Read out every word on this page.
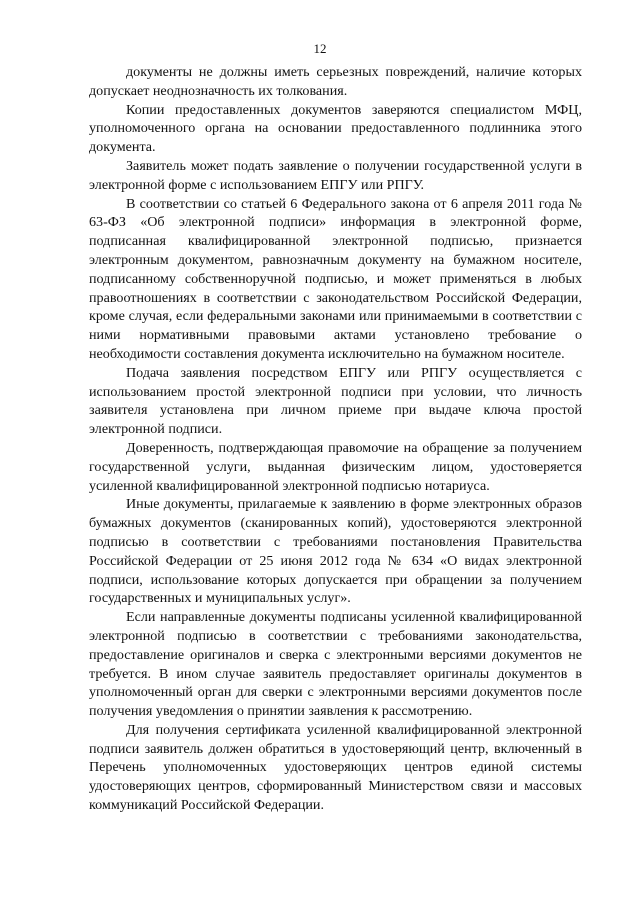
12

документы не должны иметь серьезных повреждений, наличие которых допускает неоднозначность их толкования.

Копии предоставленных документов заверяются специалистом МФЦ, уполномоченного органа на основании предоставленного подлинника этого документа.

Заявитель может подать заявление о получении государственной услуги в электронной форме с использованием ЕПГУ или РПГУ.

В соответствии со статьей 6 Федерального закона от 6 апреля 2011 года № 63-ФЗ «Об электронной подписи» информация в электронной форме, подписанная квалифицированной электронной подписью, признается электронным документом, равнозначным документу на бумажном носителе, подписанному собственноручной подписью, и может применяться в любых правоотношениях в соответствии с законодательством Российской Федерации, кроме случая, если федеральными законами или принимаемыми в соответствии с ними нормативными правовыми актами установлено требование о необходимости составления документа исключительно на бумажном носителе.

Подача заявления посредством ЕПГУ или РПГУ осуществляется с использованием простой электронной подписи при условии, что личность заявителя установлена при личном приеме при выдаче ключа простой электронной подписи.

Доверенность, подтверждающая правомочие на обращение за получением государственной услуги, выданная физическим лицом, удостоверяется усиленной квалифицированной электронной подписью нотариуса.

Иные документы, прилагаемые к заявлению в форме электронных образов бумажных документов (сканированных копий), удостоверяются электронной подписью в соответствии с требованиями постановления Правительства Российской Федерации от 25 июня 2012 года № 634 «О видах электронной подписи, использование которых допускается при обращении за получением государственных и муниципальных услуг».

Если направленные документы подписаны усиленной квалифицированной электронной подписью в соответствии с требованиями законодательства, предоставление оригиналов и сверка с электронными версиями документов не требуется. В ином случае заявитель предоставляет оригиналы документов в уполномоченный орган для сверки с электронными версиями документов после получения уведомления о принятии заявления к рассмотрению.

Для получения сертификата усиленной квалифицированной электронной подписи заявитель должен обратиться в удостоверяющий центр, включенный в Перечень уполномоченных удостоверяющих центров единой системы удостоверяющих центров, сформированный Министерством связи и массовых коммуникаций Российской Федерации.
